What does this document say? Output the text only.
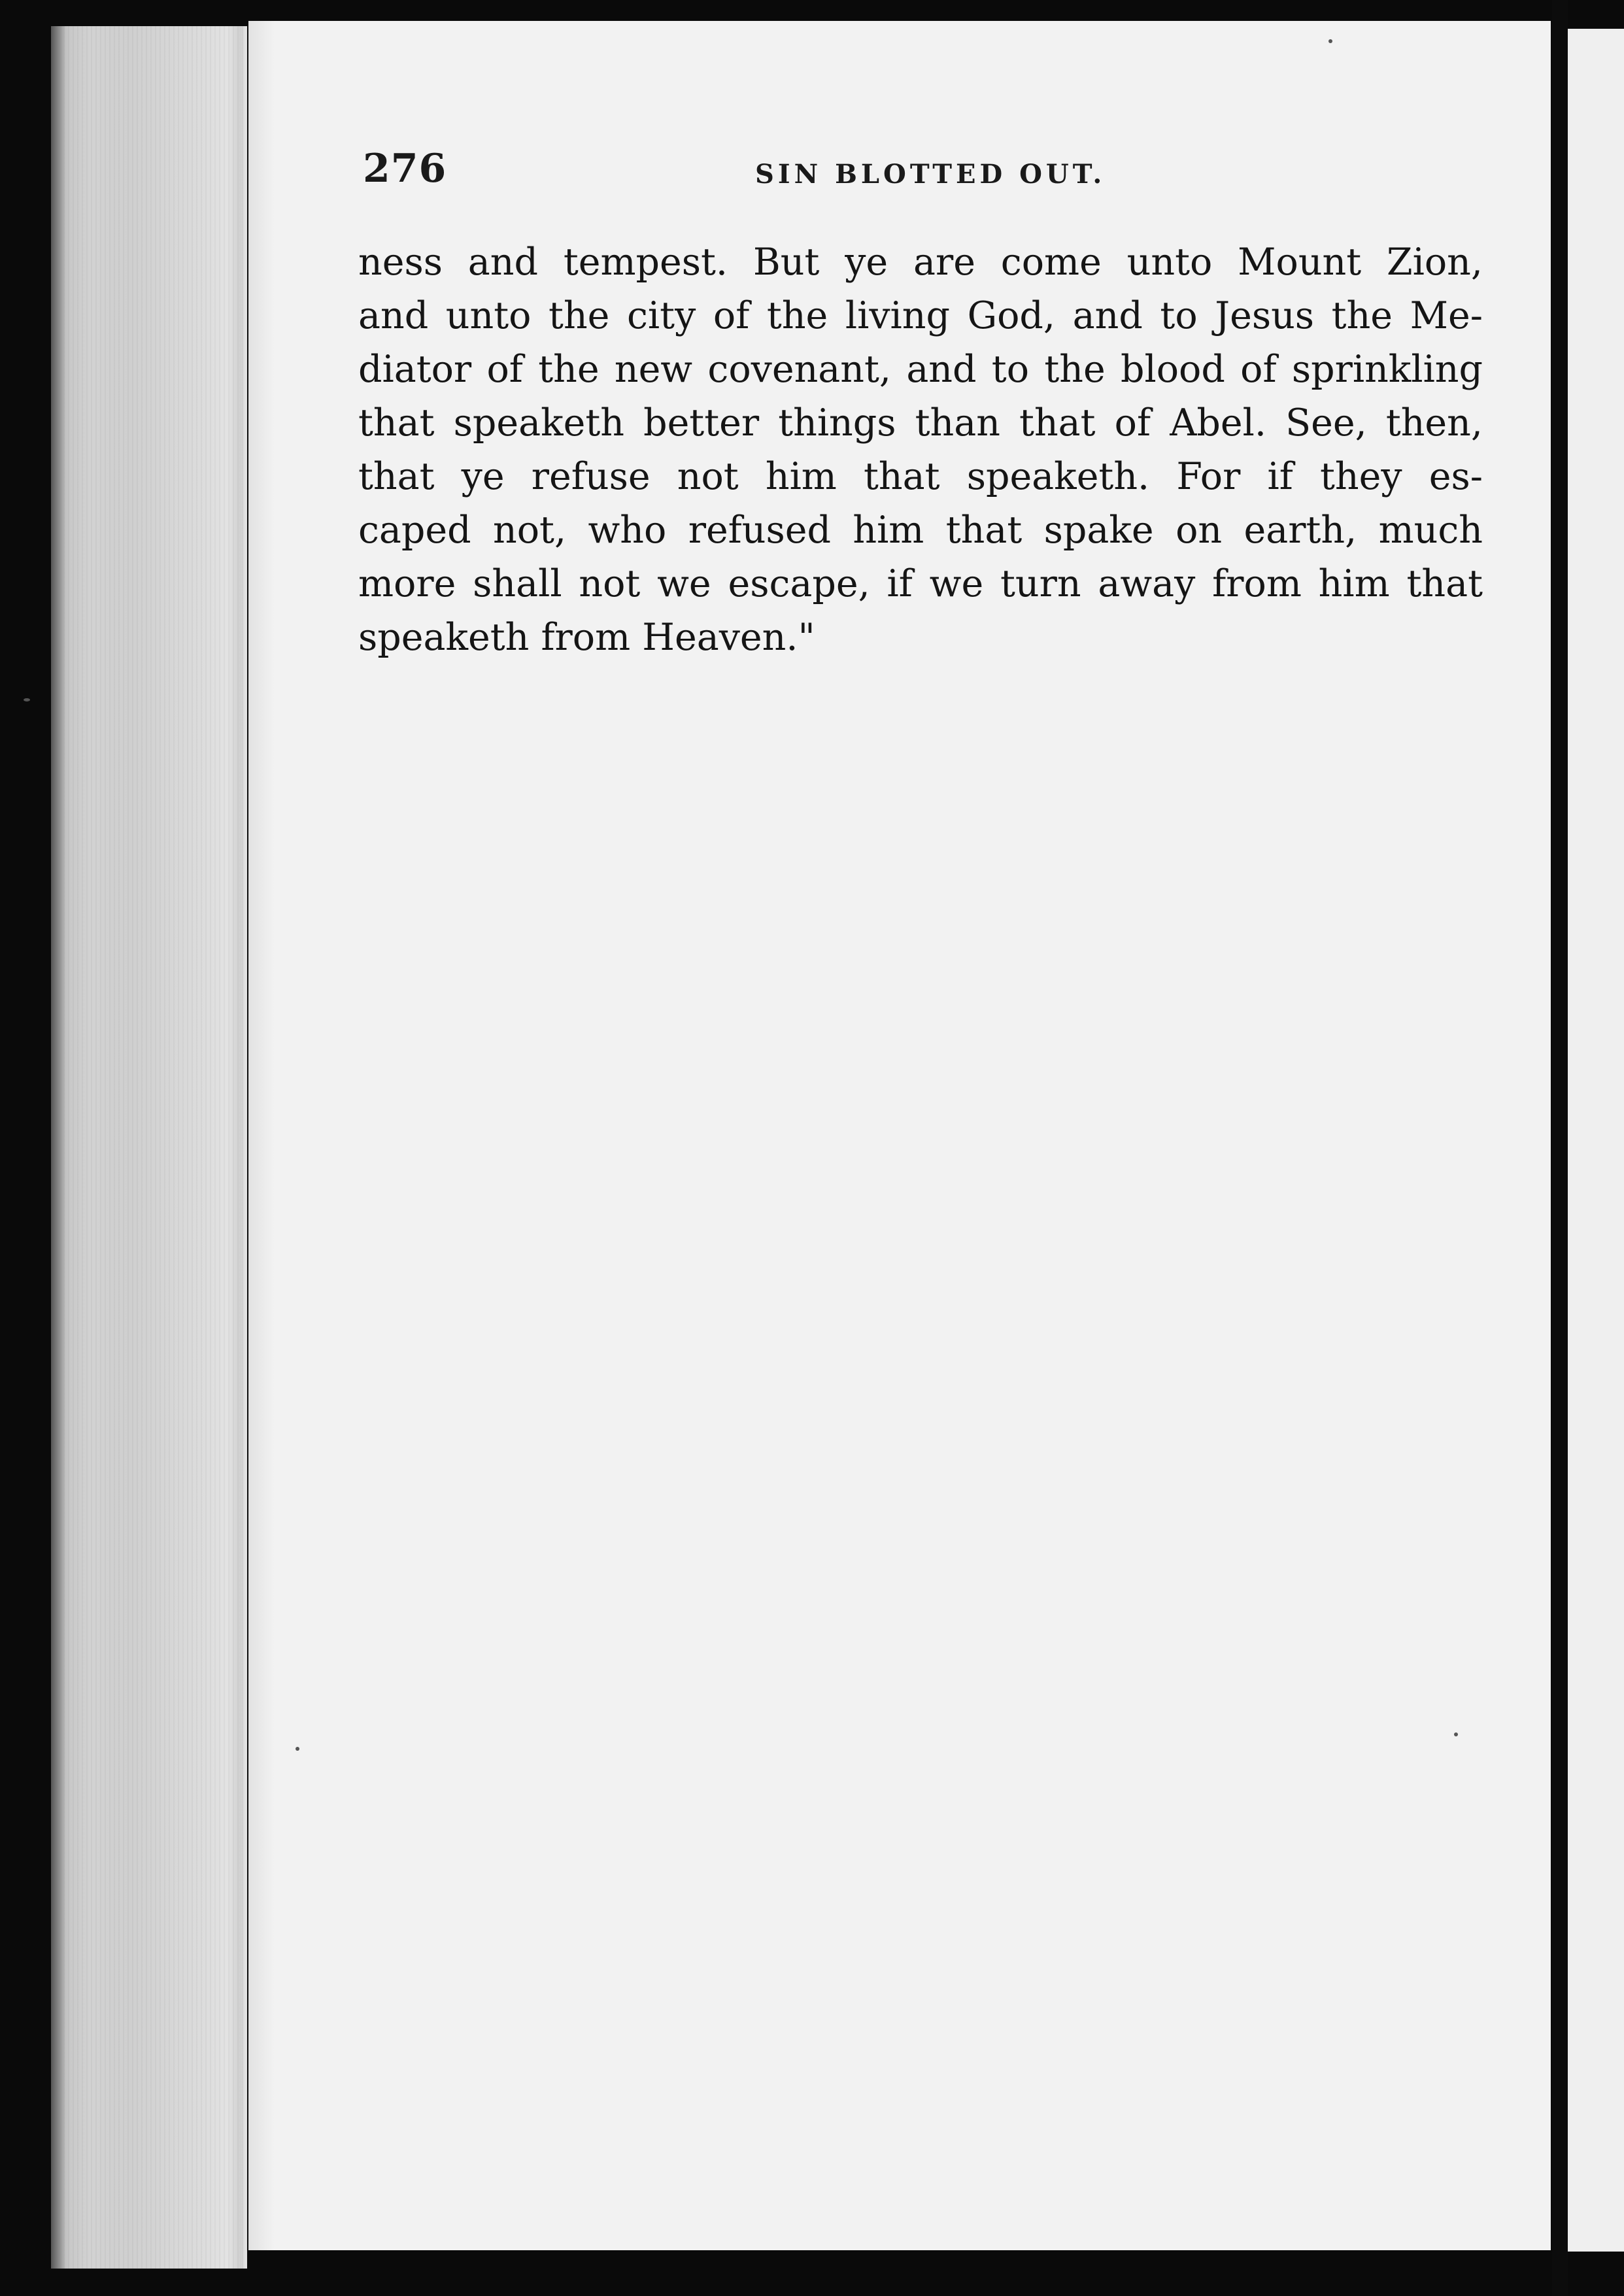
276	SIN BLOTTED OUT.
ness and tempest. But ye are come unto Mount Zion,
and unto the city of the living God, and to Jesus the Me-
diator of the new covenant, and to the blood of sprinkling
that speaketh better things than that of Abel. See, then,
that ye refuse not him that speaketh. For if they es-
caped not, who refused him that spake on earth, much
more shall not we escape, if we turn away from him that
speaketh from Heaven."
